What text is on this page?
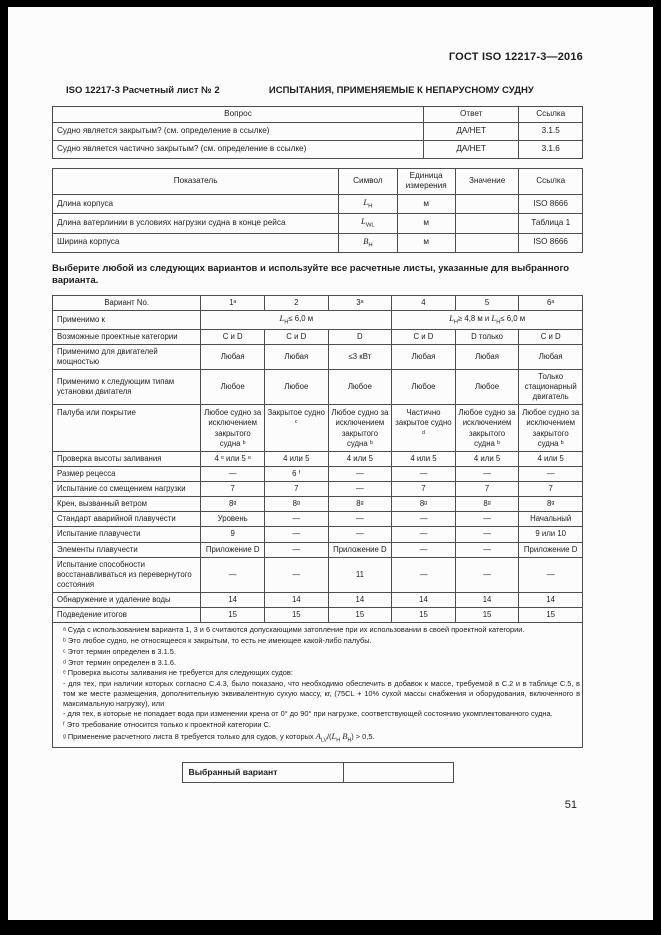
ГОСТ ISO 12217-3—2016
ISO 12217-3 Расчетный лист № 2	ИСПЫТАНИЯ, ПРИМЕНЯЕМЫЕ К НЕПАРУСНОМУ СУДНУ
Вопрос	Ответ	Ссылка
Судно является закрытым? (см. определение в ссылке)	ДА/НЕТ	3.1.5
Судно является частично закрытым? (см. определение в ссылке)	ДА/НЕТ	3.1.6
Показатель	Символ	Единица измерения	Значение	Ссылка
Длина корпуса	$L_H$	м		ISO 8666
Длина ватерлинии в условиях нагрузки судна в конце рейса	$L_{WL}$	м		Таблица 1
Ширина корпуса	$B_H$	м		ISO 8666

Выберите любой из следующих вариантов и используйте все расчетные листы, указанные для выбранного варианта.

Вариант No.	1ᵃ	2	3ᵃ	4	5	6ᵃ
Применимо к	$L_H\le 6,0$ м			$L_H\ge 4,8$ м и $L_H\le 6,0$ м		
Возможные проектные категории	С и D	С и D	D	С и D	D только	С и D
Применимо для двигателей мощностью	Любая	Любая	≤3 кВт	Любая	Любая	Любая
Применимо к следующим типам установки двигателя	Любое	Любое	Любое	Любое	Любое	Только стационарный двигатель
Палуба или покрытие	Любое судно за исключением закрытого судна ᵇ	Закрытое судно ᶜ	Любое судно за исключением закрытого судна ᵇ	Частично закрытое судно ᵈ	Любое судно за исключением закрытого судна ᵇ	Любое судно за исключением закрытого судна ᵇ
Проверка высоты заливания	4 ᵉ или 5 ᵉ	4 или 5	4 или 5	4 или 5	4 или 5	4 или 5
Размер рецесса	—	6 ᶠ	—	—	—	—
Испытание со смещением нагрузки	7	7	—	7	7	7
Крен, вызванный ветром	8ᵍ	8ᵍ	8ᵍ	8ᵍ	8ᵍ	8ᵍ
Стандарт аварийной плавучести	Уровень	—	—	—	—	Начальный
Испытание плавучести	9	—	—	—	—	9 или 10
Элементы плавучести	Приложение D	—	Приложение D	—	—	Приложение D
Испытание способности восстанавливаться из перевернутого состояния	—	—	11	—	—	—
Обнаружение и удаление воды	14	14	14	14	14	14
Подведение итогов	15	15	15	15	15	15

ᵃ Суда с использованием варианта 1, 3 и 6 считаются допускающими затопление при их использовании в своей проектной категории.

ᵇ Это любое судно, не относящееся к закрытым, то есть не имеющее какой-либо палубы.

ᶜ Этот термин определен в 3.1.5.

ᵈ Этот термин определен в 3.1.6.

ᵉ Проверка высоты заливания не требуется для следующих судов:

- для тех, при наличии которых согласно С.4.3, было показано, что необходимо обеспечить в добавок к массе, требуемой в С.2 и в таблице С.5, в том же месте размещения, дополнительную эквивалентную сухую массу, кг, (75CL + 10% сухой массы снабжения и оборудования, включенного в максимальную нагрузку), или

- для тех, в которые не попадает вода при изменении крена от 0° до 90° при нагрузке, соответствующей состоянию укомплектованного судна.

ᶠ Это требование относится только к проектной категории С.

ᵍ Применение расчетного листа 8 требуется только для судов, у которых $A_{LV}/(L_H$ $B_H) > 0,5$.

Выбранный вариант	
51
